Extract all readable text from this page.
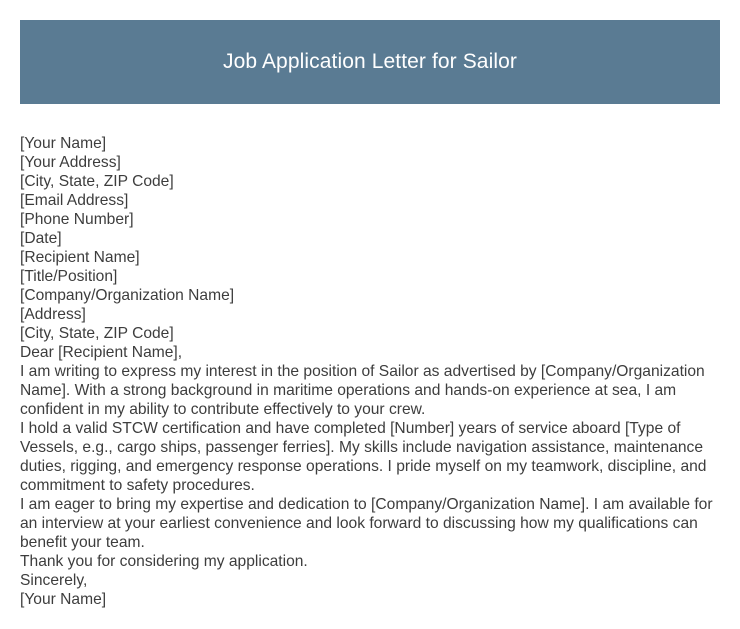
Job Application Letter for Sailor
[Your Name]
[Your Address]
[City, State, ZIP Code]
[Email Address]
[Phone Number]
[Date]
[Recipient Name]
[Title/Position]
[Company/Organization Name]
[Address]
[City, State, ZIP Code]
Dear [Recipient Name],

I am writing to express my interest in the position of Sailor as advertised by [Company/Organization Name]. With a strong background in maritime operations and hands-on experience at sea, I am confident in my ability to contribute effectively to your crew.

I hold a valid STCW certification and have completed [Number] years of service aboard [Type of Vessels, e.g., cargo ships, passenger ferries]. My skills include navigation assistance, maintenance duties, rigging, and emergency response operations. I pride myself on my teamwork, discipline, and commitment to safety procedures.

I am eager to bring my expertise and dedication to [Company/Organization Name]. I am available for an interview at your earliest convenience and look forward to discussing how my qualifications can benefit your team.

Thank you for considering my application.
Sincerely,
[Your Name]
